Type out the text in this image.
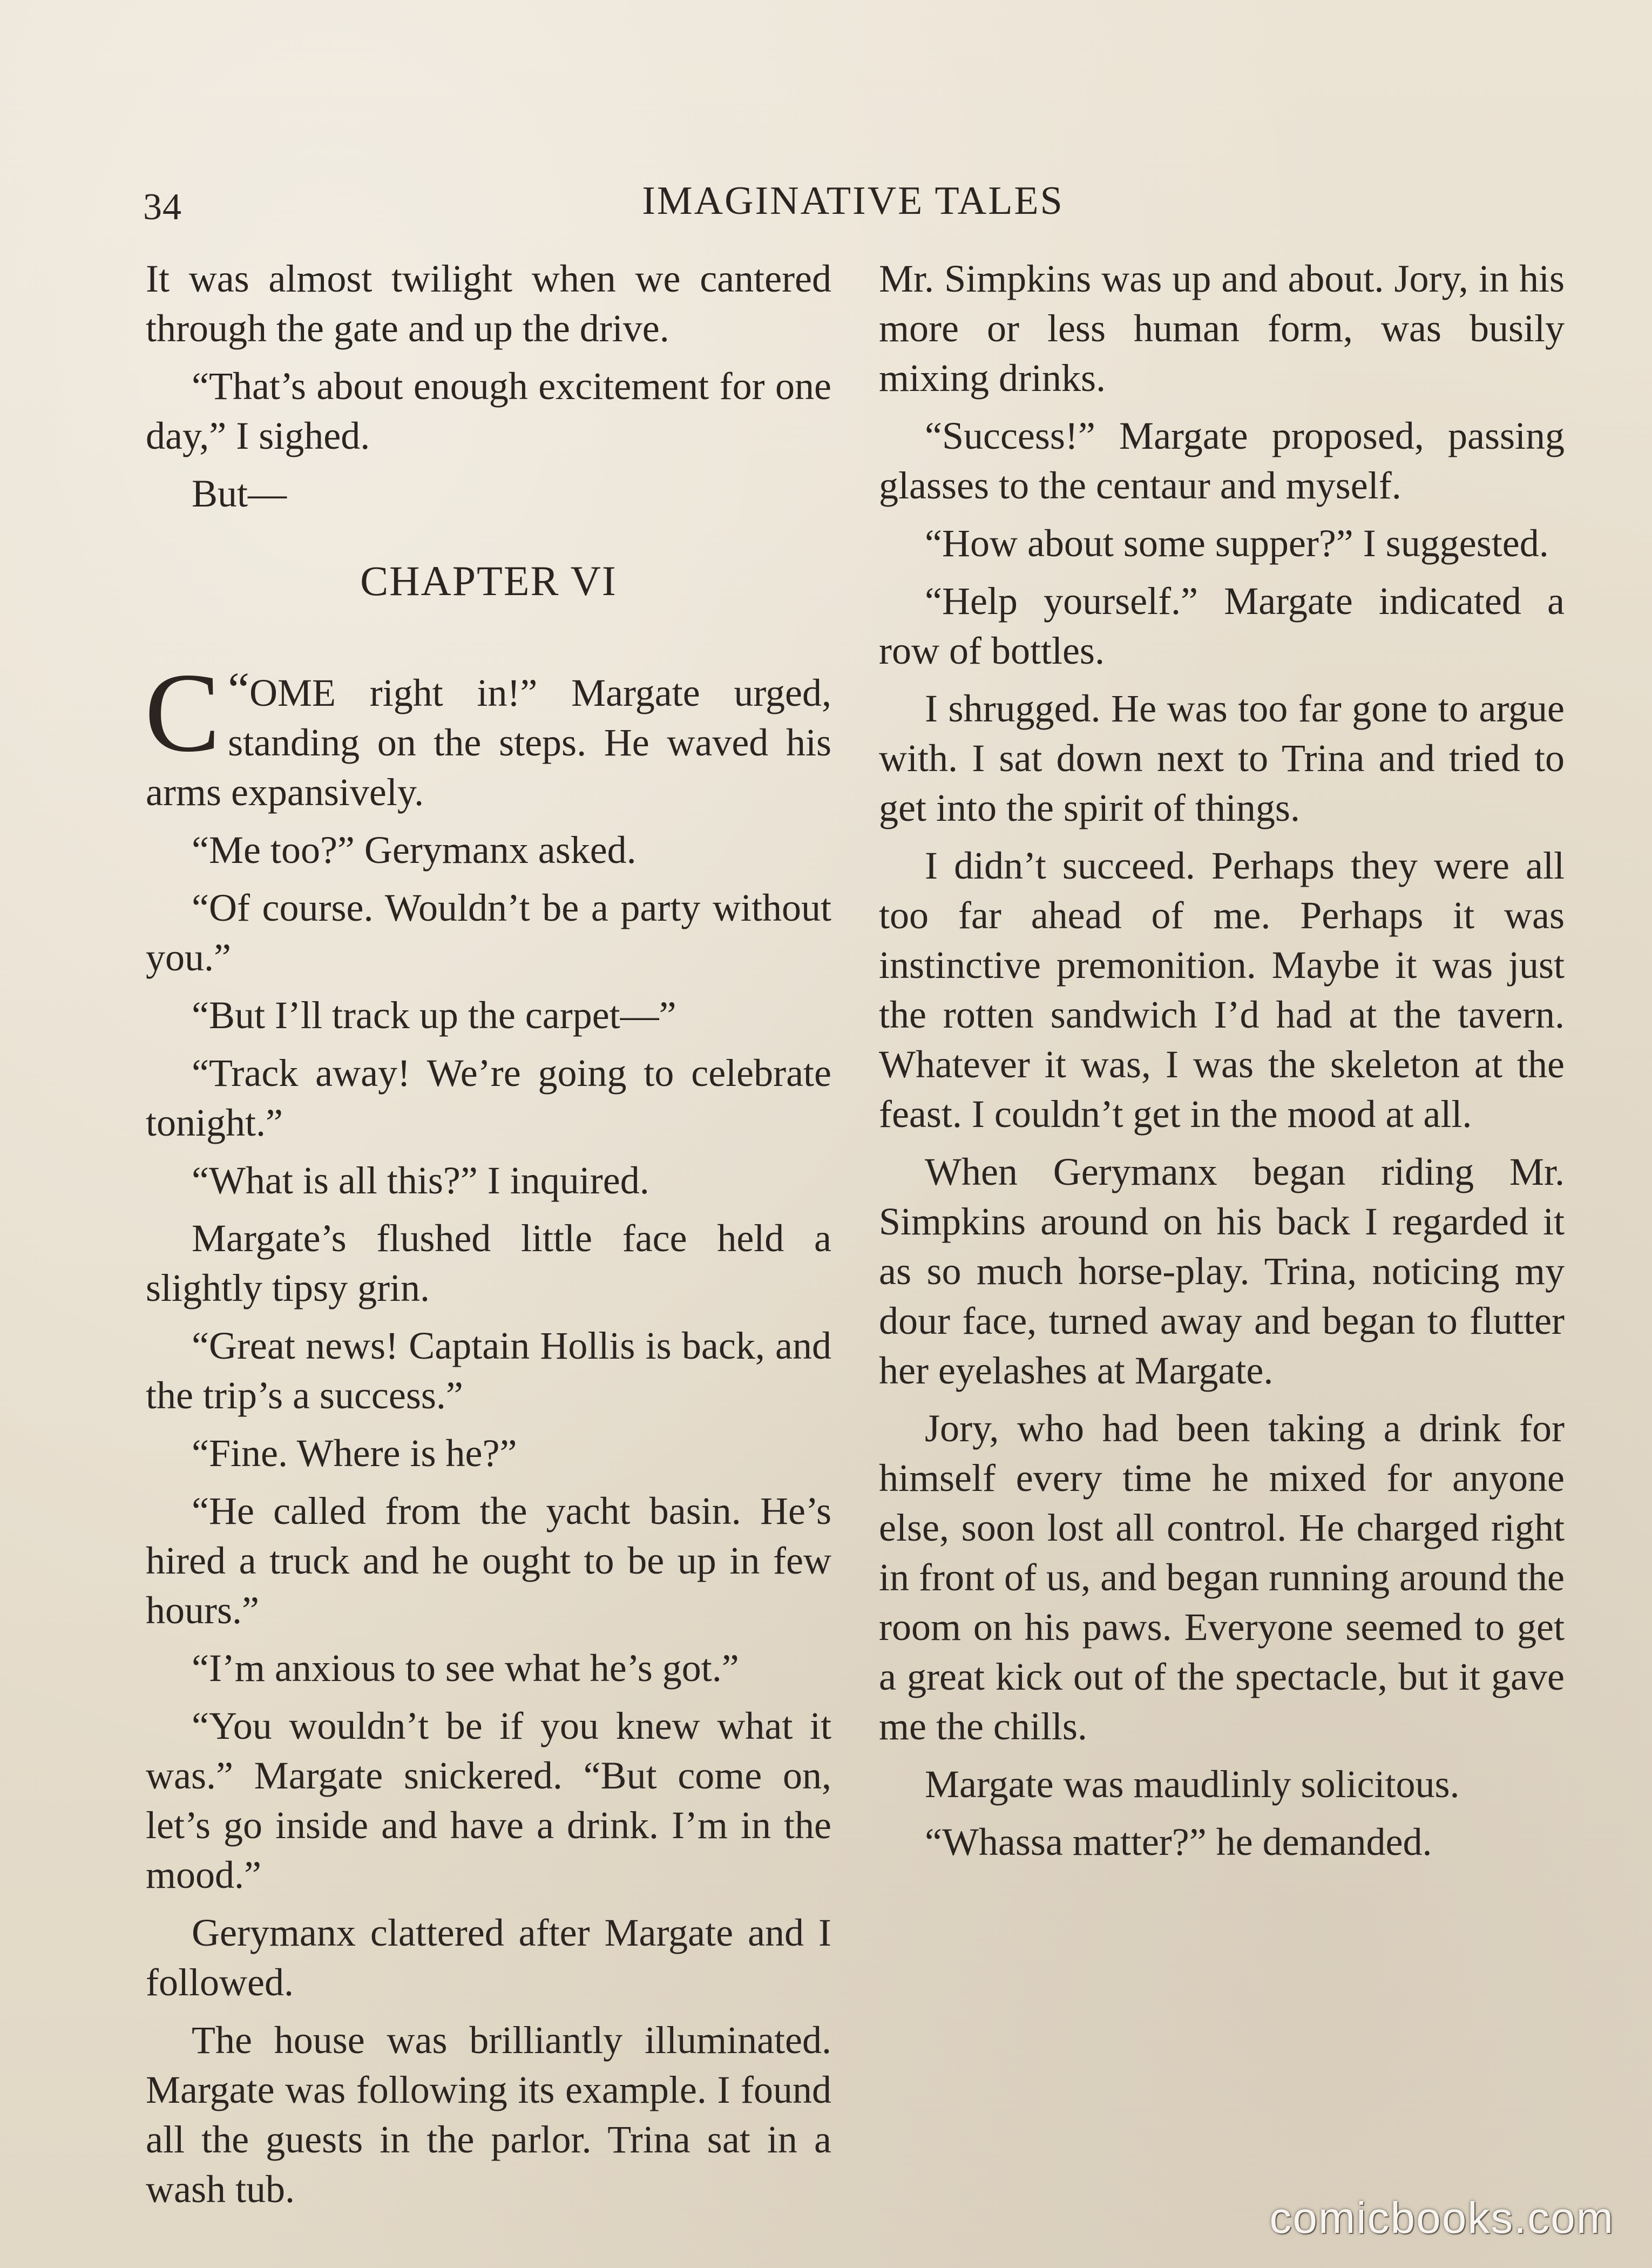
34	IMAGINATIVE TALES

It was almost twilight when we cantered through the gate and up the drive.

“That’s about enough excitement for one day,” I sighed.

But—

CHAPTER VI

“
C OME right in!” Margate urged, standing on the steps. He waved his arms expansively.

“Me too?” Gerymanx asked.

“Of course. Wouldn’t be a party without you.”

“But I’ll track up the carpet—”

“Track away! We’re going to celebrate tonight.”

“What is all this?” I inquired.

Margate’s flushed little face held a slightly tipsy grin.

“Great news! Captain Hollis is back, and the trip’s a success.”

“Fine. Where is he?”

“He called from the yacht basin. He’s hired a truck and he ought to be up in few hours.”

“I’m anxious to see what he’s got.”

“You wouldn’t be if you knew what it was.” Margate snickered. “But come on, let’s go inside and have a drink. I’m in the mood.”

Gerymanx clattered after Margate and I followed.

The house was brilliantly illuminated. Margate was following its example. I found all the guests in the parlor. Trina sat in a wash tub.

Mr. Simpkins was up and about. Jory, in his more or less human form, was busily mixing drinks.

“Success!” Margate proposed, passing glasses to the centaur and myself.

“How about some supper?” I suggested.

“Help yourself.” Margate indicated a row of bottles.

I shrugged. He was too far gone to argue with. I sat down next to Trina and tried to get into the spirit of things.

I didn’t succeed. Perhaps they were all too far ahead of me. Perhaps it was instinctive premonition. Maybe it was just the rotten sandwich I’d had at the tavern. Whatever it was, I was the skeleton at the feast. I couldn’t get in the mood at all.

When Gerymanx began riding Mr. Simpkins around on his back I regarded it as so much horse-play. Trina, noticing my dour face, turned away and began to flutter her eyelashes at Margate.

Jory, who had been taking a drink for himself every time he mixed for anyone else, soon lost all control. He charged right in front of us, and began running around the room on his paws. Everyone seemed to get a great kick out of the spectacle, but it gave me the chills.

Margate was maudlinly solicitous.

“Whassa matter?” he demanded.

comicbooks.com
